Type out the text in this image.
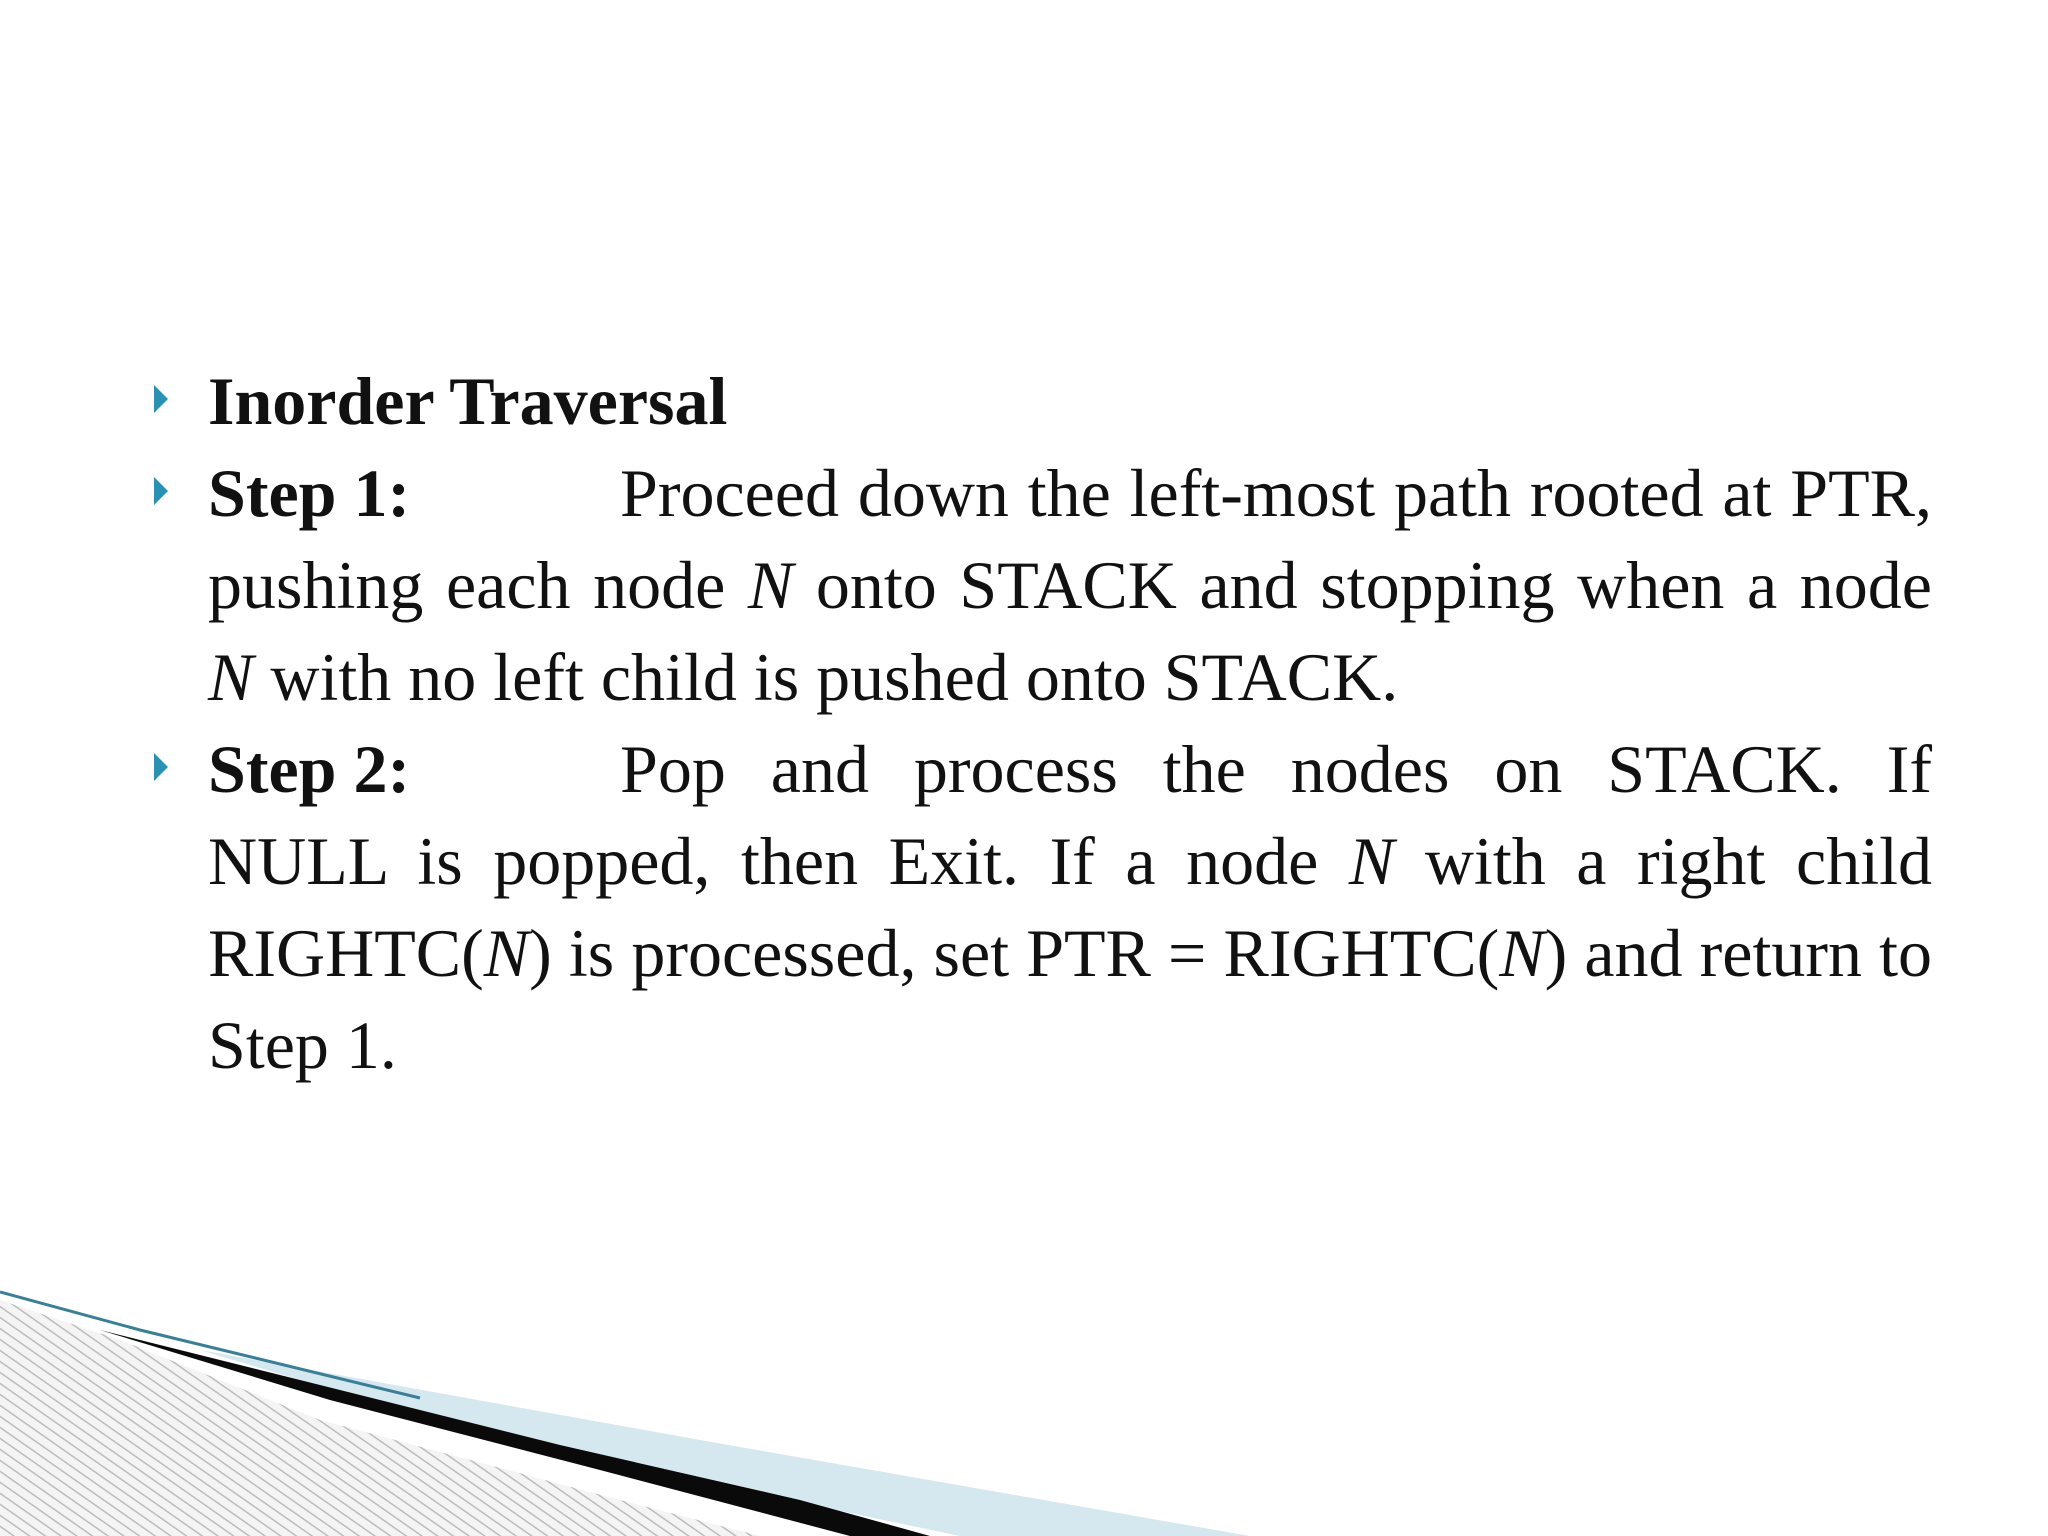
Inorder Traversal

Step 1:	Proceed down the left-most path rooted at PTR, pushing each node N onto STACK and stopping when a node N with no left child is pushed onto STACK.

Step 2:	Pop and process the nodes on STACK. If NULL is popped, then Exit. If a node N with a right child RIGHTC(N) is processed, set PTR = RIGHTC(N) and return to Step 1.
